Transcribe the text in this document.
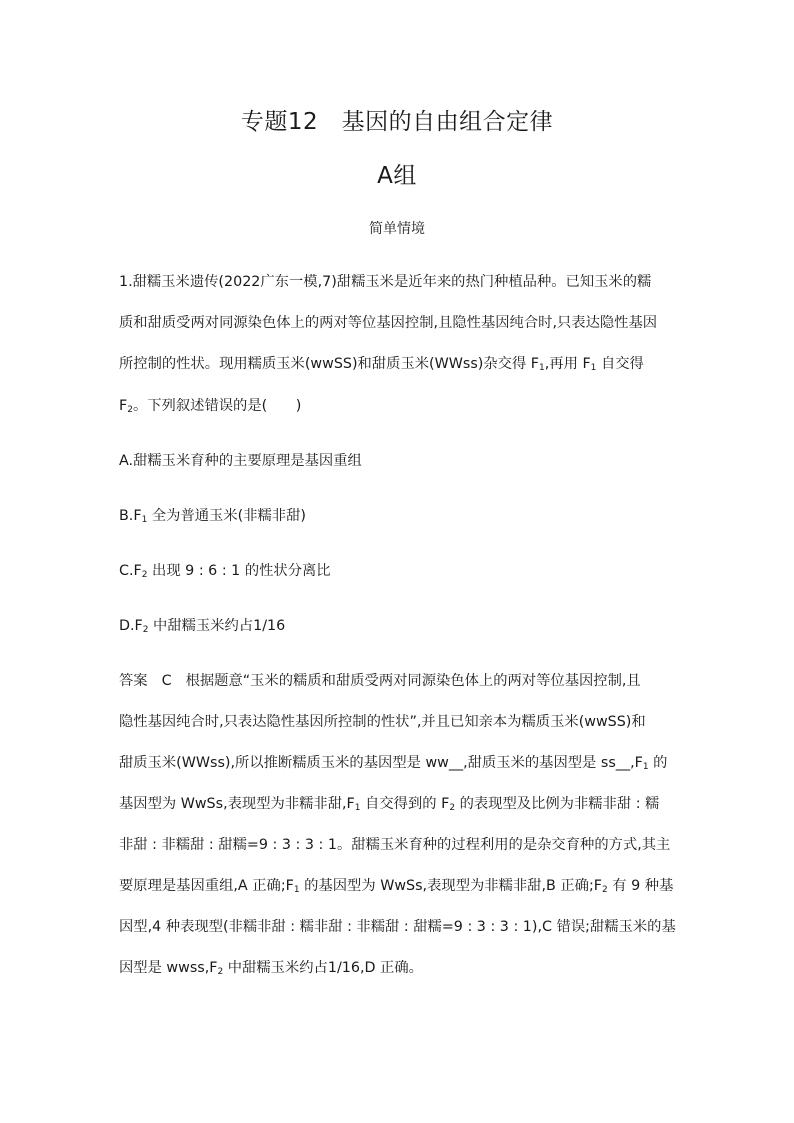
专题12　基因的自由组合定律
A组
简单情境
1.甜糯玉米遗传(2022广东一模,7)甜糯玉米是近年来的热门种植品种。已知玉米的糯
质和甜质受两对同源染色体上的两对等位基因控制,且隐性基因纯合时,只表达隐性基因
所控制的性状。现用糯质玉米(wwSS)和甜质玉米(WWss)杂交得 $F_1$,再用 $F_1$ 自交得
$F_2$。下列叙述错误的是(　　)
A.甜糯玉米育种的主要原理是基因重组
$B.F_1$ 全为普通玉米(非糯非甜)
$C.F_2$ 出现 9 : 6 : 1 的性状分离比
$D.F_2$ 中甜糯玉米约占1/16
答案 C 根据题意“玉米的糯质和甜质受两对同源染色体上的两对等位基因控制,且
隐性基因纯合时,只表达隐性基因所控制的性状”,并且已知亲本为糯质玉米(wwSS)和
甜质玉米(WWss),所以推断糯质玉米的基因型是 ww__,甜质玉米的基因型是 $ss\_\_,F_1$ 的
基因型为 WwSs,表现型为非糯非甜$,F_1$ 自交得到的 $F_2$ 的表现型及比例为非糯非甜 : 糯
非甜 : 非糯甜 : 甜糯=9 : 3 : 3 : 1。甜糯玉米育种的过程利用的是杂交育种的方式,其主
要原理是基因重组,A 正确$;F_1$ 的基因型为 WwSs,表现型为非糯非甜,B 正确$;F_2$ 有 9 种基
因型,4 种表现型(非糯非甜 : 糯非甜 : 非糯甜 : 甜糯=9 : 3 : 3 : 1),C 错误;甜糯玉米的基
因型是 $wwss,F_2$ 中甜糯玉米约占1/16,D 正确。
